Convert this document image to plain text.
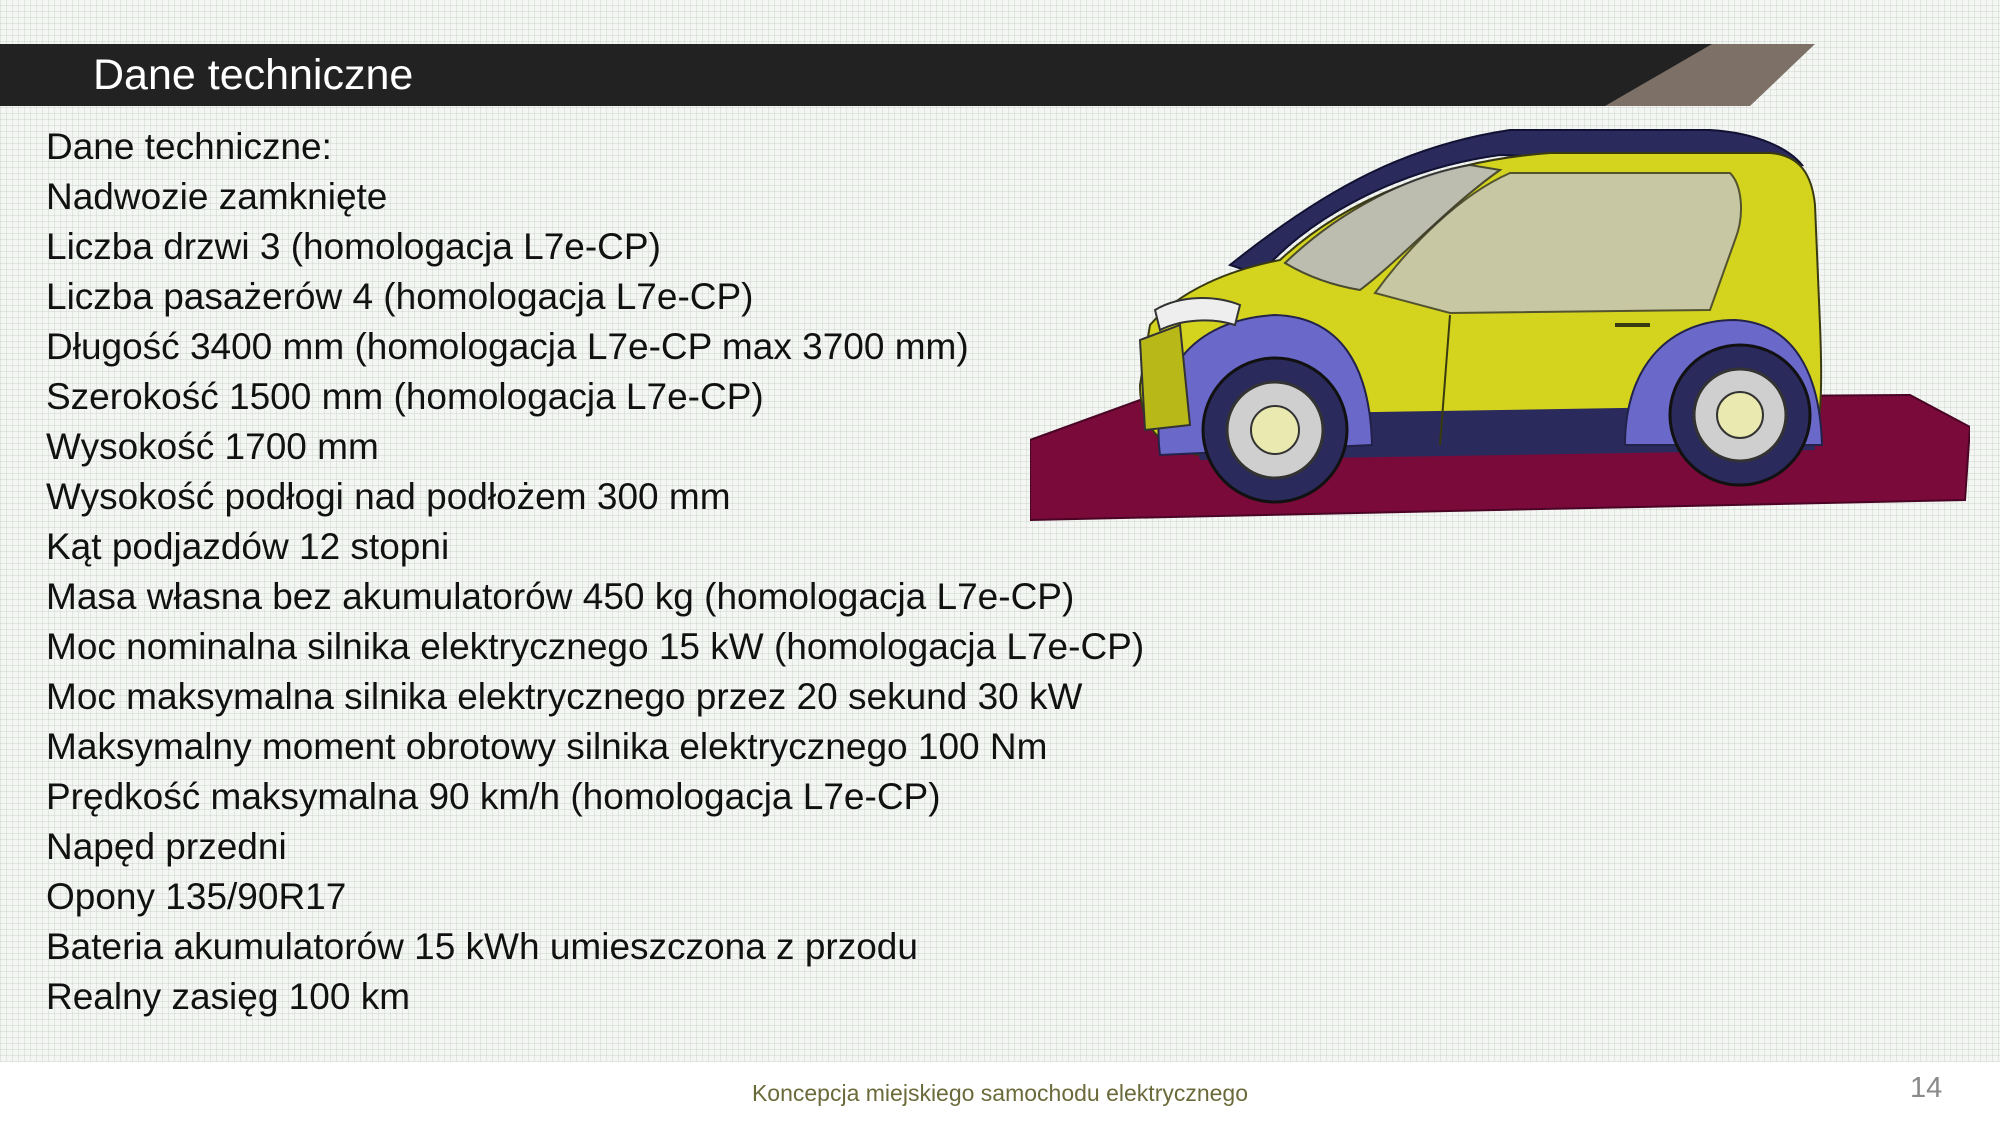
Dane techniczne
Dane techniczne:
Nadwozie zamknięte
Liczba drzwi 3 (homologacja L7e-CP)
Liczba pasażerów 4 (homologacja L7e-CP)
Długość 3400 mm (homologacja L7e-CP max 3700 mm)
Szerokość 1500 mm (homologacja L7e-CP)
Wysokość 1700 mm
Wysokość podłogi nad podłożem 300 mm
Kąt podjazdów 12 stopni
Masa własna bez akumulatorów 450 kg (homologacja L7e-CP)
Moc nominalna silnika elektrycznego 15 kW (homologacja L7e-CP)
Moc maksymalna silnika elektrycznego przez 20 sekund 30 kW
Maksymalny moment obrotowy silnika elektrycznego 100 Nm
Prędkość maksymalna 90 km/h (homologacja L7e-CP)
Napęd przedni
Opony 135/90R17
Bateria akumulatorów 15 kWh umieszczona z przodu
Realny zasięg 100 km
Koncepcja miejskiego samochodu elektrycznego	14
